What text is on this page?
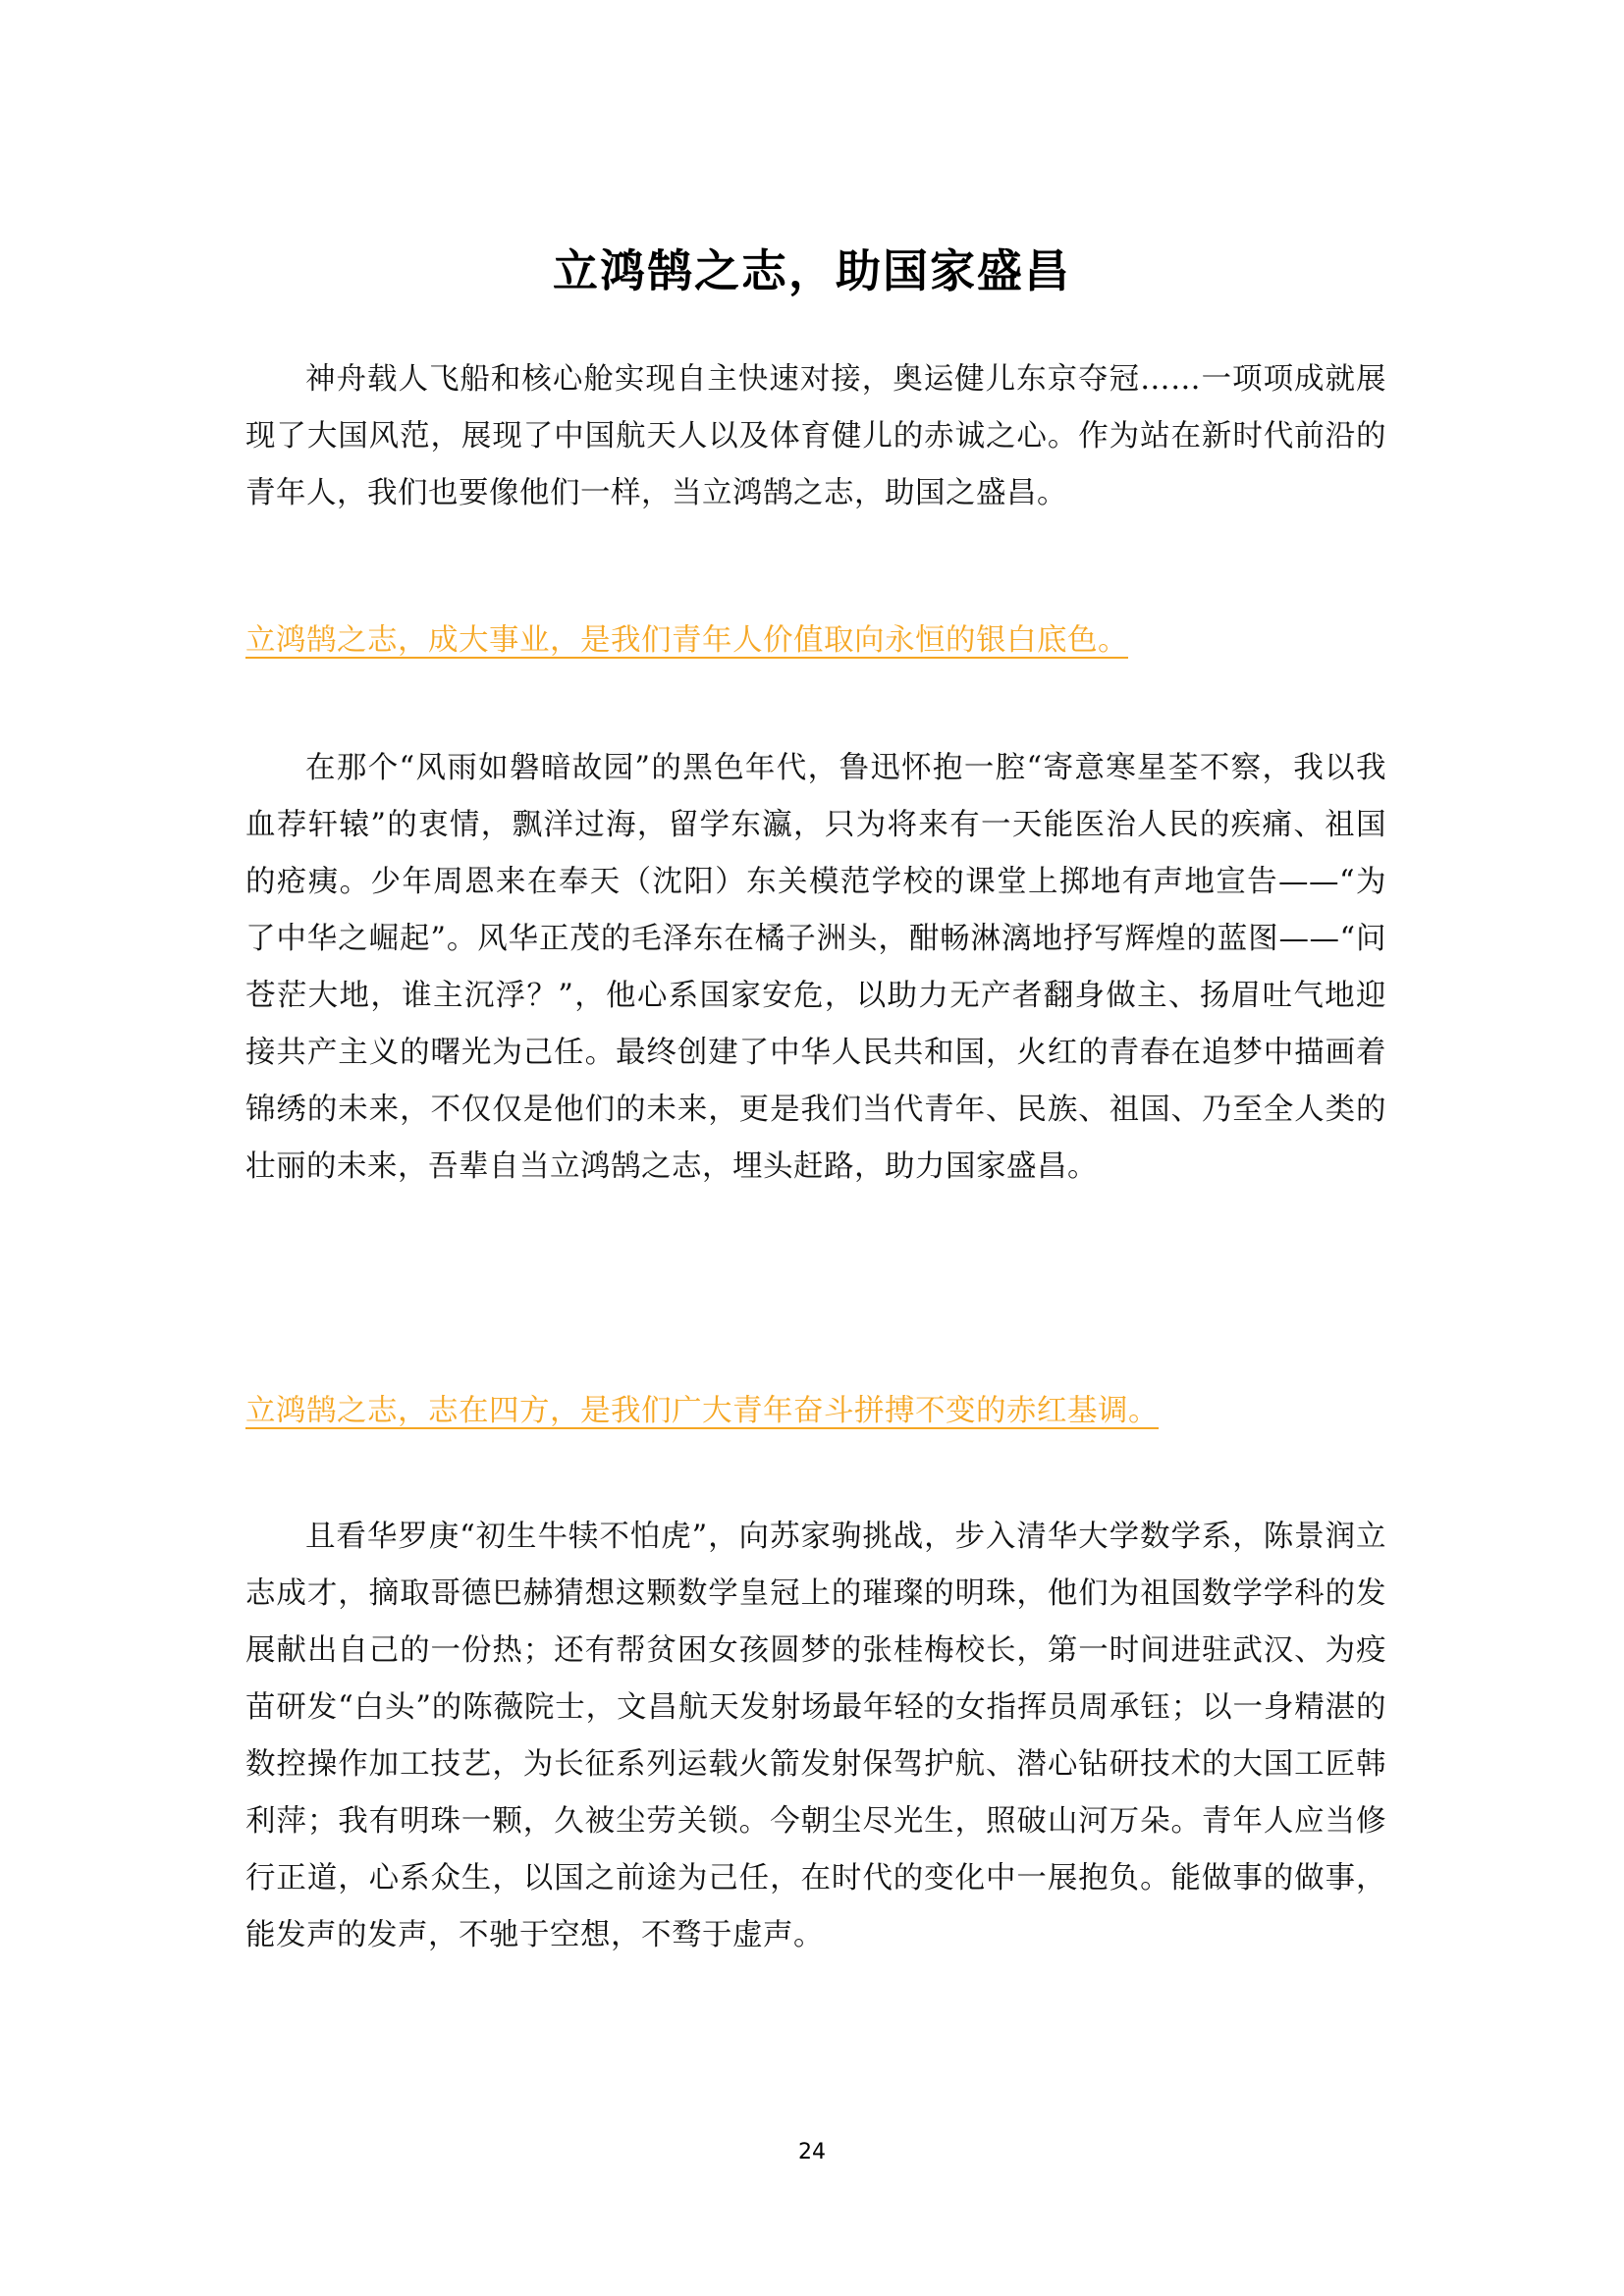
立鸿鹄之志，助国家盛昌

神舟载人飞船和核心舱实现自主快速对接，奥运健儿东京夺冠……一项项成就展现了大国风范，展现了中国航天人以及体育健儿的赤诚之心。作为站在新时代前沿的青年人，我们也要像他们一样，当立鸿鹄之志，助国之盛昌。

立鸿鹄之志，成大事业，是我们青年人价值取向永恒的银白底色。

在那个“风雨如磐暗故园”的黑色年代，鲁迅怀抱一腔“寄意寒星荃不察，我以我血荐轩辕”的衷情，飘洋过海，留学东瀛，只为将来有一天能医治人民的疾痛、祖国的疮痍。少年周恩来在奉天（沈阳）东关模范学校的课堂上掷地有声地宣告——“为了中华之崛起”。风华正茂的毛泽东在橘子洲头，酣畅淋漓地抒写辉煌的蓝图——“问苍茫大地，谁主沉浮？”，他心系国家安危，以助力无产者翻身做主、扬眉吐气地迎接共产主义的曙光为己任。最终创建了中华人民共和国，火红的青春在追梦中描画着锦绣的未来，不仅仅是他们的未来，更是我们当代青年、民族、祖国、乃至全人类的壮丽的未来，吾辈自当立鸿鹄之志，埋头赶路，助力国家盛昌。

立鸿鹄之志，志在四方，是我们广大青年奋斗拼搏不变的赤红基调。

且看华罗庚“初生牛犊不怕虎”，向苏家驹挑战，步入清华大学数学系，陈景润立志成才，摘取哥德巴赫猜想这颗数学皇冠上的璀璨的明珠，他们为祖国数学学科的发展献出自己的一份热；还有帮贫困女孩圆梦的张桂梅校长，第一时间进驻武汉、为疫苗研发“白头”的陈薇院士，文昌航天发射场最年轻的女指挥员周承钰；以一身精湛的数控操作加工技艺，为长征系列运载火箭发射保驾护航、潜心钻研技术的大国工匠韩利萍；我有明珠一颗，久被尘劳关锁。今朝尘尽光生，照破山河万朵。青年人应当修行正道，心系众生，以国之前途为己任，在时代的变化中一展抱负。能做事的做事，能发声的发声，不驰于空想，不骛于虚声。

24
